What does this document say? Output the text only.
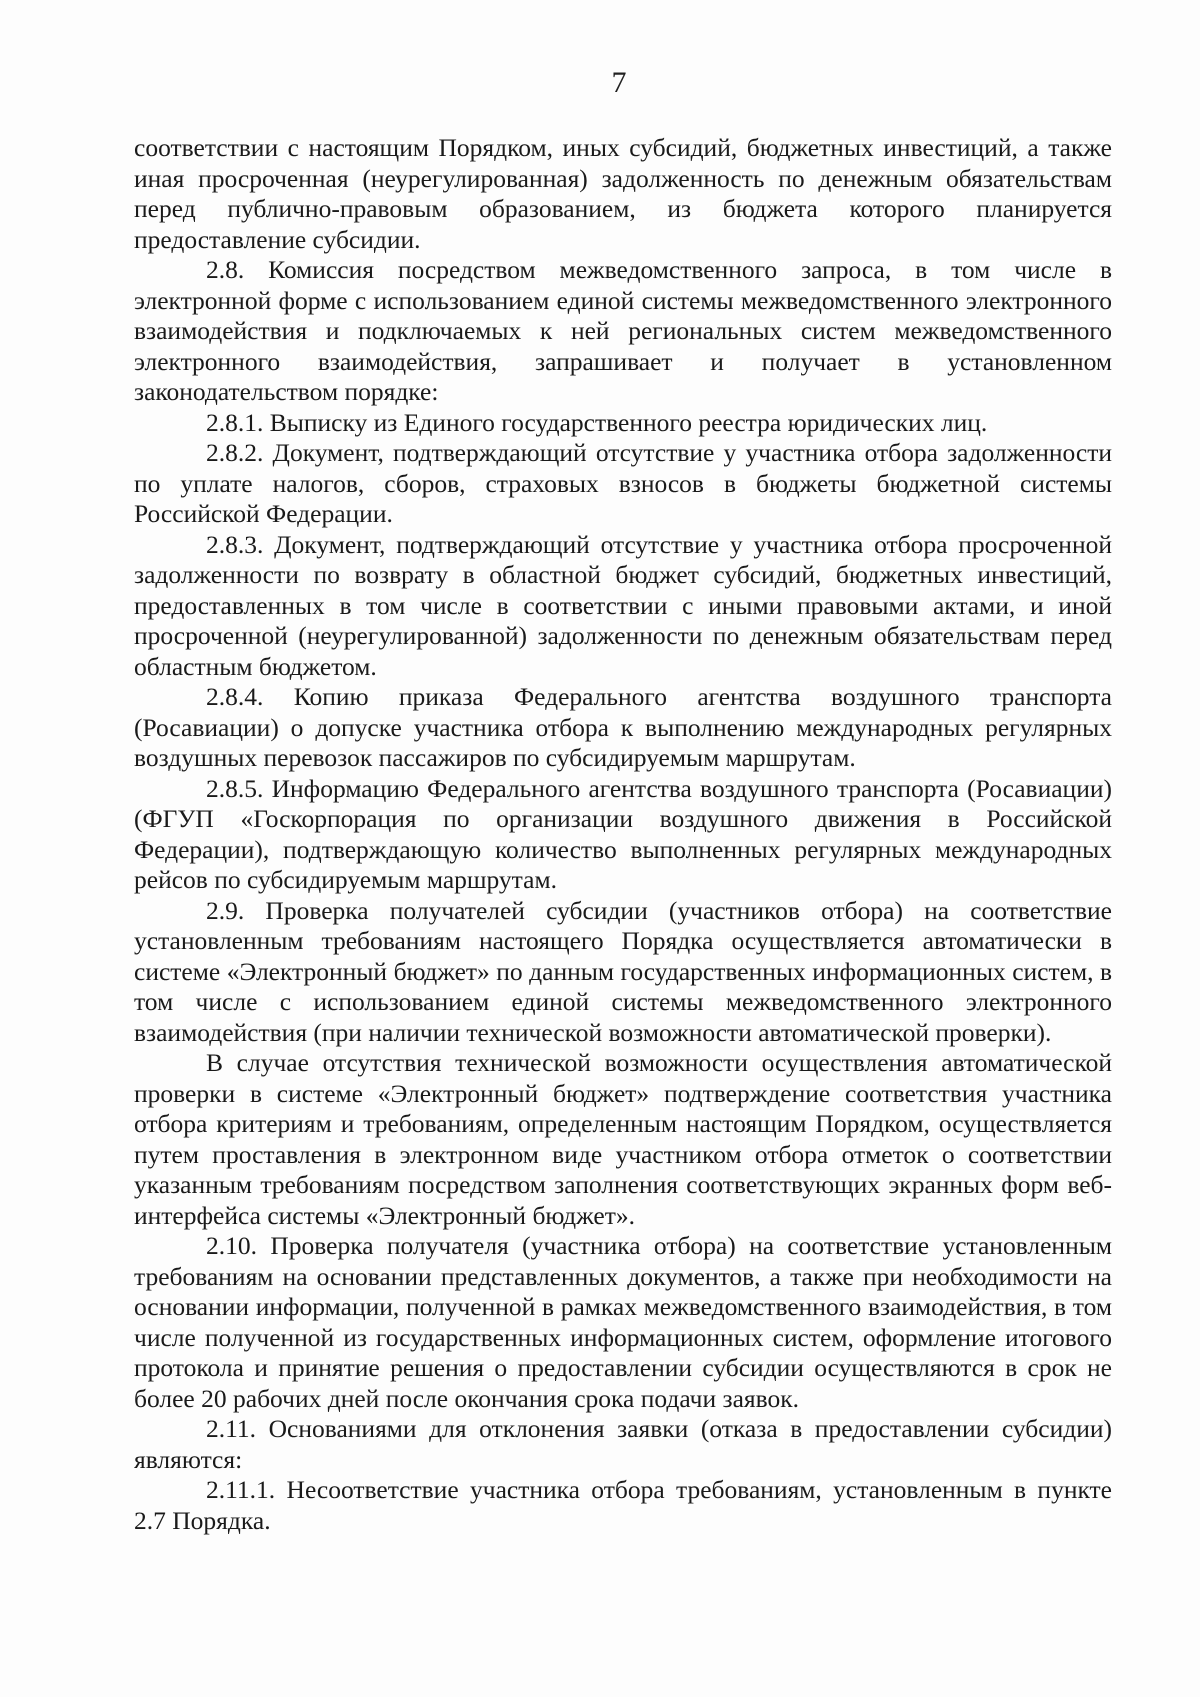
7

соответствии с настоящим Порядком, иных субсидий, бюджетных инвестиций, а также иная просроченная (неурегулированная) задолженность по денежным обязательствам перед публично-правовым образованием, из бюджета которого планируется предоставление субсидии.

2.8. Комиссия посредством межведомственного запроса, в том числе в электронной форме с использованием единой системы межведомственного электронного взаимодействия и подключаемых к ней региональных систем межведомственного электронного взаимодействия, запрашивает и получает в установленном законодательством порядке:

2.8.1. Выписку из Единого государственного реестра юридических лиц.

2.8.2. Документ, подтверждающий отсутствие у участника отбора задолженности по уплате налогов, сборов, страховых взносов в бюджеты бюджетной системы Российской Федерации.

2.8.3. Документ, подтверждающий отсутствие у участника отбора просроченной задолженности по возврату в областной бюджет субсидий, бюджетных инвестиций, предоставленных в том числе в соответствии с иными правовыми актами, и иной просроченной (неурегулированной) задолженности по денежным обязательствам перед областным бюджетом.

2.8.4. Копию приказа Федерального агентства воздушного транспорта (Росавиации) о допуске участника отбора к выполнению международных регулярных воздушных перевозок пассажиров по субсидируемым маршрутам.

2.8.5. Информацию Федерального агентства воздушного транспорта (Росавиации) (ФГУП «Госкорпорация по организации воздушного движения в Российской Федерации), подтверждающую количество выполненных регулярных международных рейсов по субсидируемым маршрутам.

2.9. Проверка получателей субсидии (участников отбора) на соответствие установленным требованиям настоящего Порядка осуществляется автоматически в системе «Электронный бюджет» по данным государственных информационных систем, в том числе с использованием единой системы межведомственного электронного взаимодействия (при наличии технической возможности автоматической проверки).

В случае отсутствия технической возможности осуществления автоматической проверки в системе «Электронный бюджет» подтверждение соответствия участника отбора критериям и требованиям, определенным настоящим Порядком, осуществляется путем проставления в электронном виде участником отбора отметок о соответствии указанным требованиям посредством заполнения соответствующих экранных форм веб-интерфейса системы «Электронный бюджет».

2.10. Проверка получателя (участника отбора) на соответствие установленным требованиям на основании представленных документов, а также при необходимости на основании информации, полученной в рамках межведомственного взаимодействия, в том числе полученной из государственных информационных систем, оформление итогового протокола и принятие решения о предоставлении субсидии осуществляются в срок не более 20 рабочих дней после окончания срока подачи заявок.

2.11. Основаниями для отклонения заявки (отказа в предоставлении субсидии) являются:

2.11.1. Несоответствие участника отбора требованиям, установленным в пункте 2.7 Порядка.
